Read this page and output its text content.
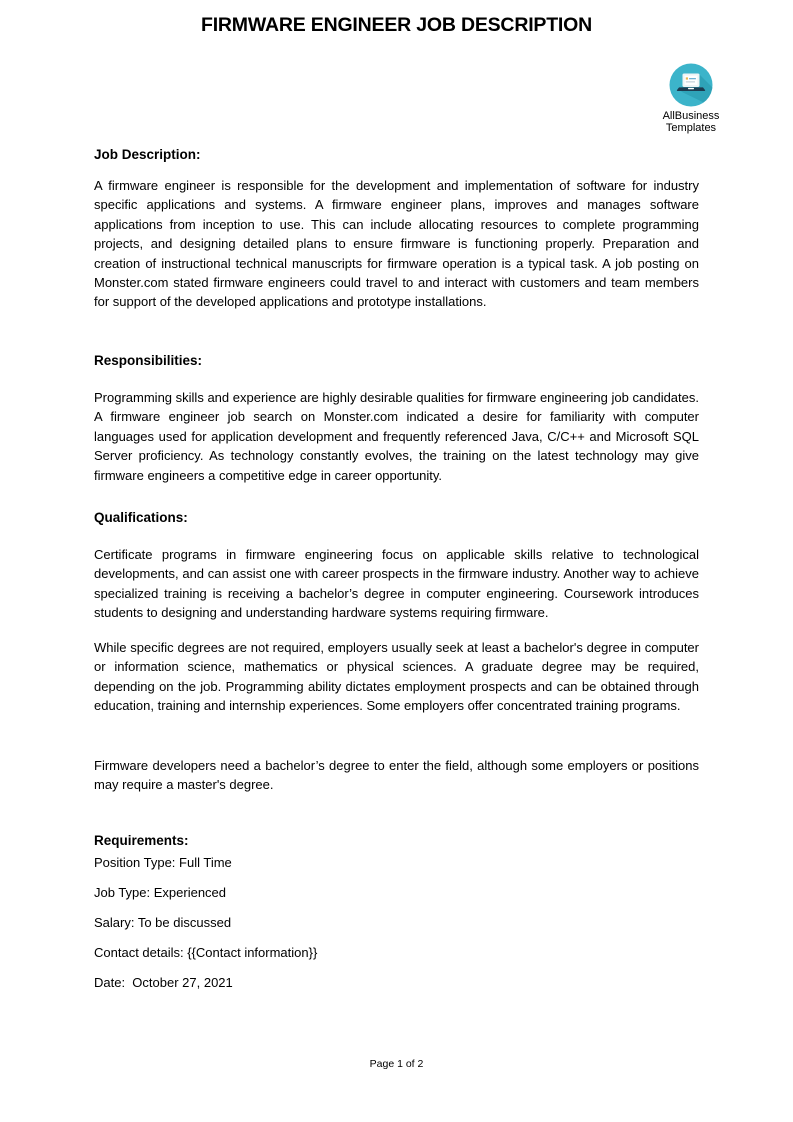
FIRMWARE ENGINEER JOB DESCRIPTION
AllBusiness
Templates
Job Description:

A firmware engineer is responsible for the development and implementation of software for industry specific applications and systems. A firmware engineer plans, improves and manages software applications from inception to use. This can include allocating resources to complete programming projects, and designing detailed plans to ensure firmware is functioning properly. Preparation and creation of instructional technical manuscripts for firmware operation is a typical task. A job posting on Monster.com stated firmware engineers could travel to and interact with customers and team members for support of the developed applications and prototype installations.

Responsibilities:

Programming skills and experience are highly desirable qualities for firmware engineering job candidates. A firmware engineer job search on Monster.com indicated a desire for familiarity with computer languages used for application development and frequently referenced Java, C/C++ and Microsoft SQL Server proficiency. As technology constantly evolves, the training on the latest technology may give firmware engineers a competitive edge in career opportunity.

Qualifications:

Certificate programs in firmware engineering focus on applicable skills relative to technological developments, and can assist one with career prospects in the firmware industry. Another way to achieve specialized training is receiving a bachelor’s degree in computer engineering. Coursework introduces students to designing and understanding hardware systems requiring firmware.

While specific degrees are not required, employers usually seek at least a bachelor's degree in computer or information science, mathematics or physical sciences. A graduate degree may be required, depending on the job. Programming ability dictates employment prospects and can be obtained through education, training and internship experiences. Some employers offer concentrated training programs.

Firmware developers need a bachelor’s degree to enter the field, although some employers or positions may require a master's degree.

Requirements:
Position Type: Full Time
Job Type: Experienced
Salary: To be discussed
Contact details: {{Contact information}}
Date:  October 27, 2021
Page 1 of 2
